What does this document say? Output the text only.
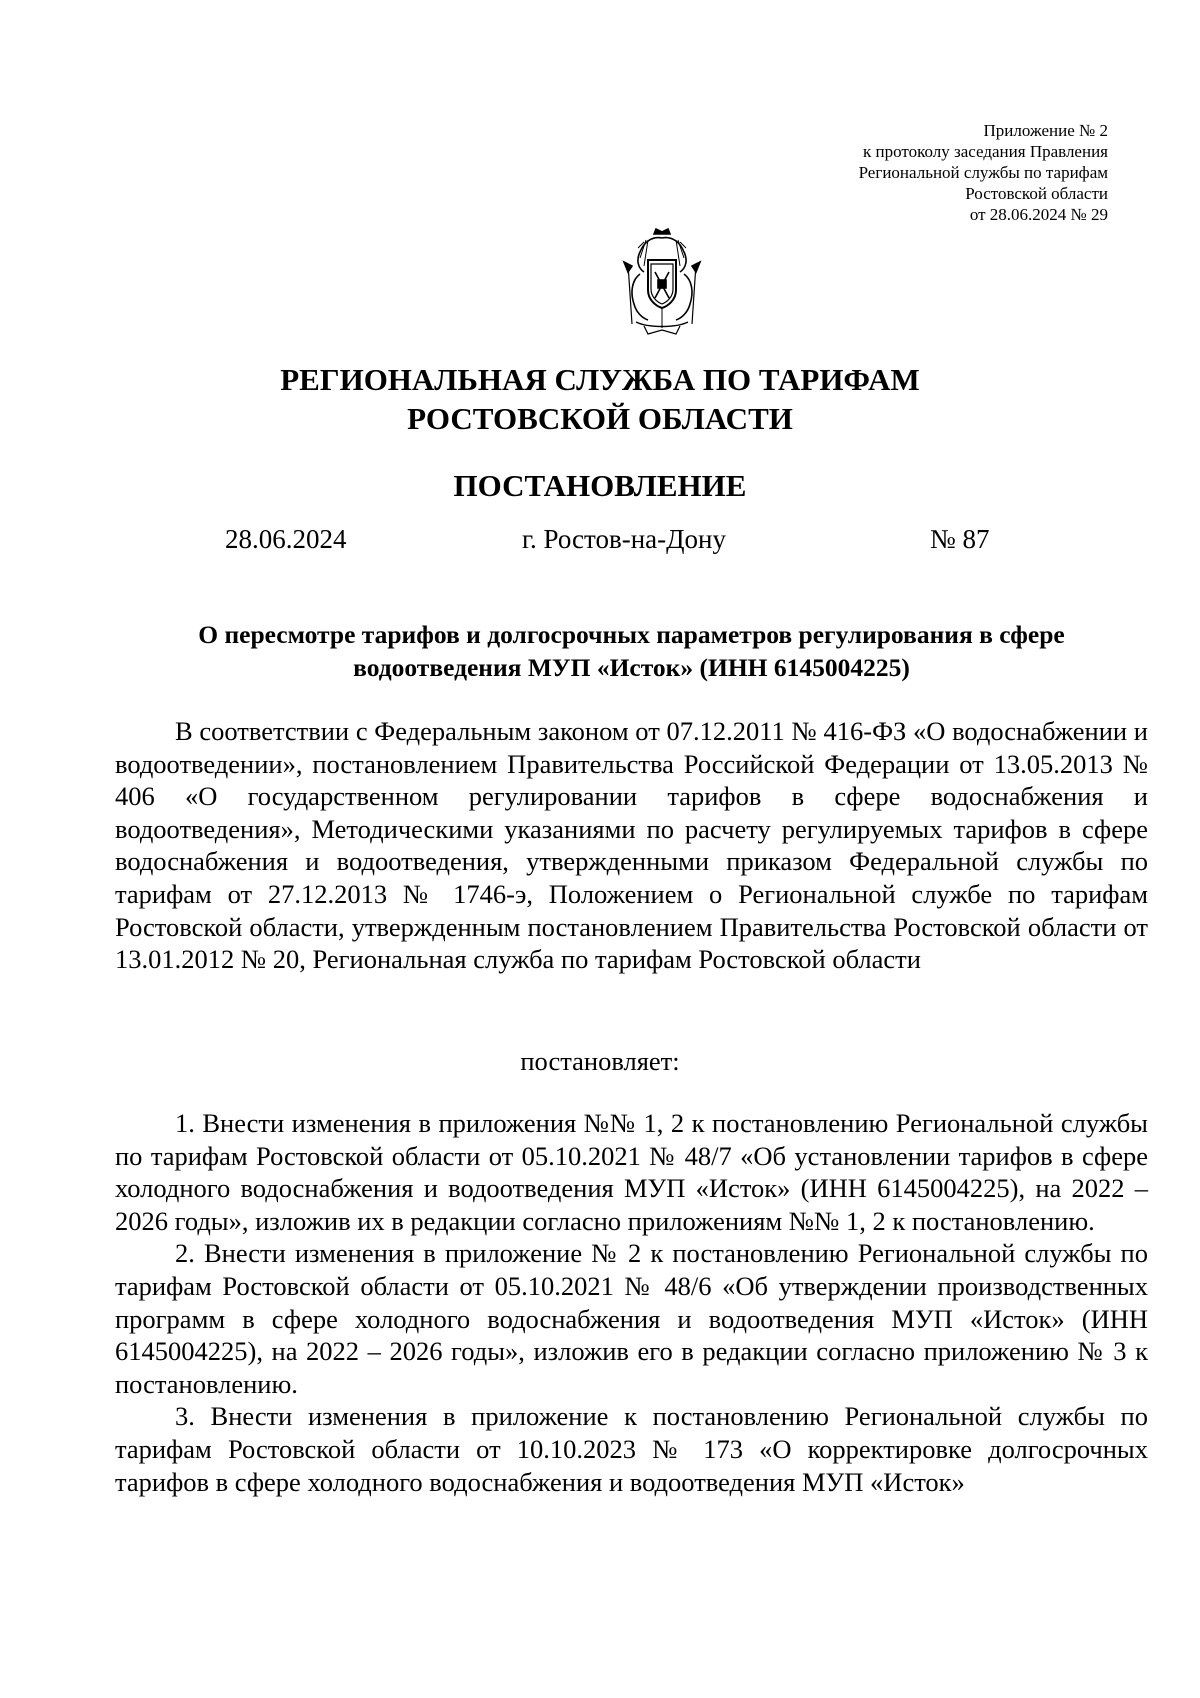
Приложение № 2
к протоколу заседания Правления
Региональной службы по тарифам
Ростовской области
от 28.06.2024 № 29
РЕГИОНАЛЬНАЯ СЛУЖБА ПО ТАРИФАМ
РОСТОВСКОЙ ОБЛАСТИ
ПОСТАНОВЛЕНИЕ
28.06.2024	г. Ростов-на-Дону	№ 87
О пересмотре тарифов и долгосрочных параметров регулирования в сфере
водоотведения МУП «Исток» (ИНН 6145004225)

В соответствии с Федеральным законом от 07.12.2011 № 416-ФЗ «О водоснабжении и водоотведении», постановлением Правительства Российской Федерации от 13.05.2013 № 406 «О государственном регулировании тарифов в сфере водоснабжения и водоотведения», Методическими указаниями по расчету регулируемых тарифов в сфере водоснабжения и водоотведения, утвержденными приказом Федеральной службы по тарифам от 27.12.2013 № 1746-э, Положением о Региональной службе по тарифам Ростовской области, утвержденным постановлением Правительства Ростовской области от 13.01.2012 № 20, Региональная служба по тарифам Ростовской области

постановляет:

1. Внести изменения в приложения №№ 1, 2 к постановлению Региональной службы по тарифам Ростовской области от 05.10.2021 № 48/7 «Об установлении тарифов в сфере холодного водоснабжения и водоотведения МУП «Исток» (ИНН 6145004225), на 2022 – 2026 годы», изложив их в редакции согласно приложениям №№ 1, 2 к постановлению.

2. Внести изменения в приложение № 2 к постановлению Региональной службы по тарифам Ростовской области от 05.10.2021 № 48/6 «Об утверждении производственных программ в сфере холодного водоснабжения и водоотведения МУП «Исток» (ИНН 6145004225), на 2022 – 2026 годы», изложив его в редакции согласно приложению № 3 к постановлению.

3. Внести изменения в приложение к постановлению Региональной службы по тарифам Ростовской области от 10.10.2023 № 173 «О корректировке долгосрочных тарифов в сфере холодного водоснабжения и водоотведения МУП «Исток»
